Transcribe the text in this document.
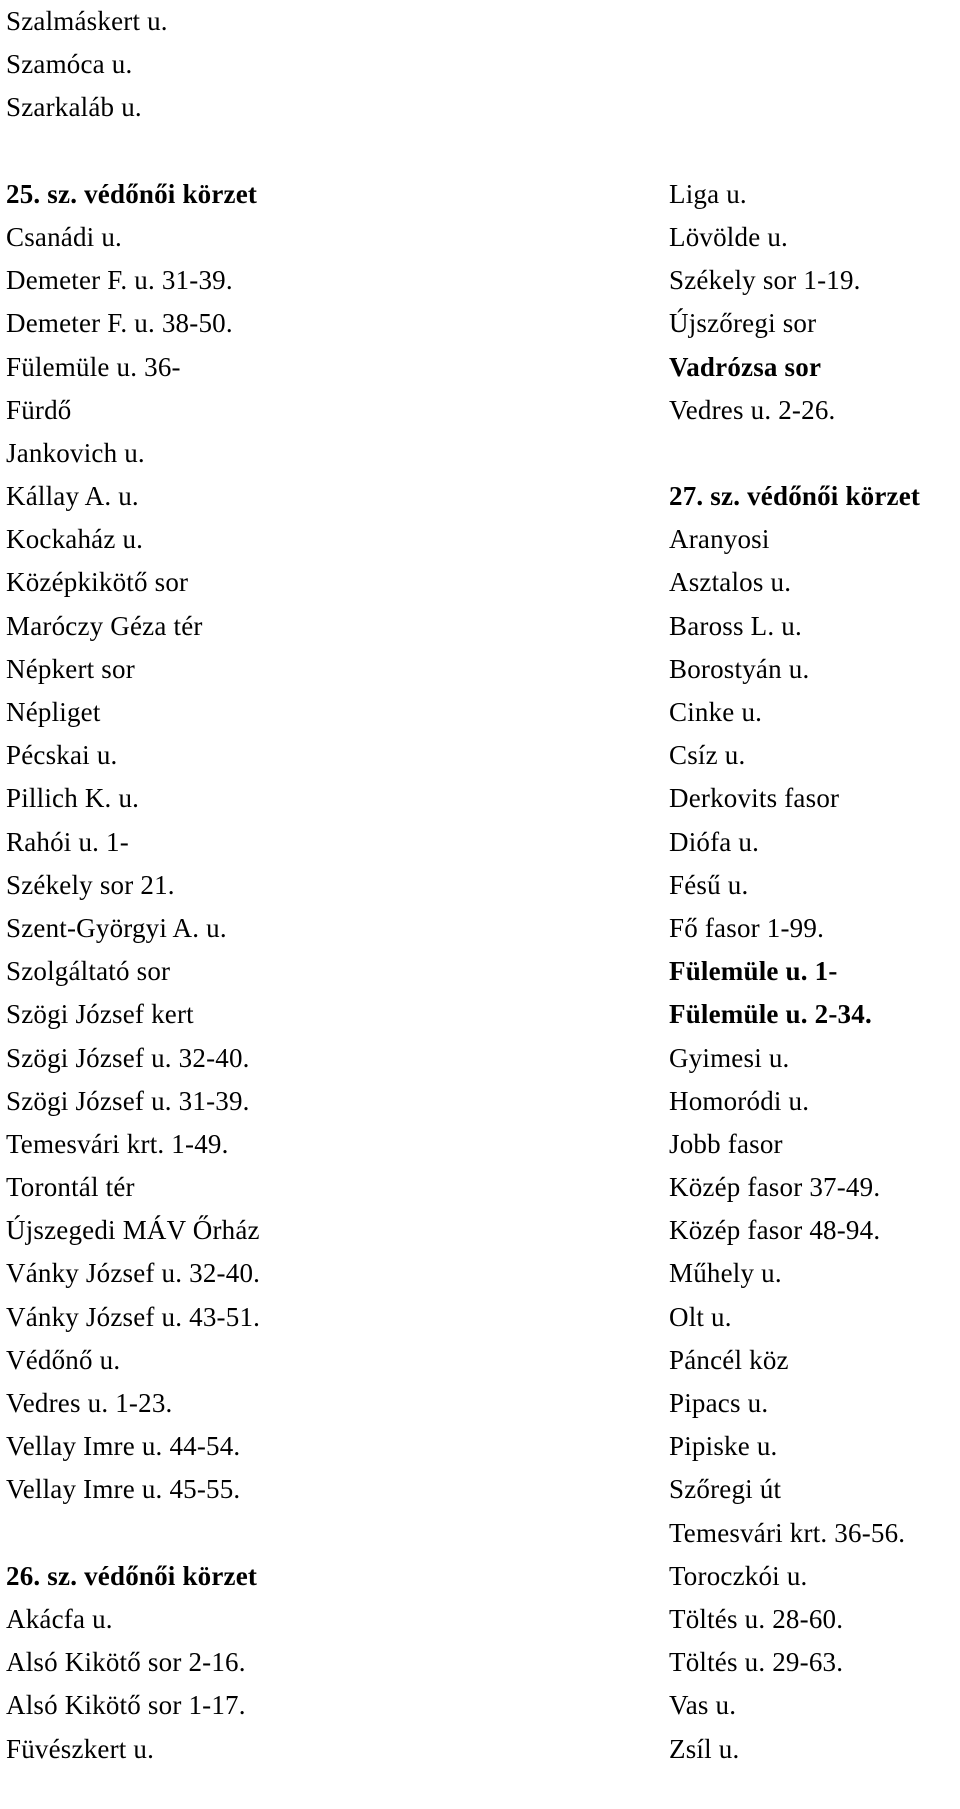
Szalmáskert u.
Szamóca u.
Szarkaláb u.
25. sz. védőnői körzet
Csanádi u.
Demeter F. u. 31-39.
Demeter F. u. 38-50.
Fülemüle u. 36-
Fürdő
Jankovich u.
Kállay A. u.
Kockaház u.
Középkikötő sor
Maróczy Géza tér
Népkert sor
Népliget
Pécskai u.
Pillich K. u.
Rahói u. 1-
Székely sor 21.
Szent-Györgyi A. u.
Szolgáltató sor
Szögi József kert
Szögi József u. 32-40.
Szögi József u. 31-39.
Temesvári krt. 1-49.
Torontál tér
Újszegedi MÁV Őrház
Vánky József u. 32-40.
Vánky József u. 43-51.
Védőnő u.
Vedres u. 1-23.
Vellay Imre u. 44-54.
Vellay Imre u. 45-55.
26. sz. védőnői körzet
Akácfa u.
Alsó Kikötő sor 2-16.
Alsó Kikötő sor 1-17.
Füvészkert u.
Liga u.
Lövölde u.
Székely sor 1-19.
Újszőregi sor
Vadrózsa sor
Vedres u. 2-26.
27. sz. védőnői körzet
Aranyosi
Asztalos u.
Baross L. u.
Borostyán u.
Cinke u.
Csíz u.
Derkovits fasor
Diófa u.
Fésű u.
Fő fasor 1-99.
Fülemüle u. 1-
Fülemüle u. 2-34.
Gyimesi u.
Homoródi u.
Jobb fasor
Közép fasor 37-49.
Közép fasor 48-94.
Műhely u.
Olt u.
Páncél köz
Pipacs u.
Pipiske u.
Szőregi út
Temesvári krt. 36-56.
Toroczkói u.
Töltés u. 28-60.
Töltés u. 29-63.
Vas u.
Zsíl u.
